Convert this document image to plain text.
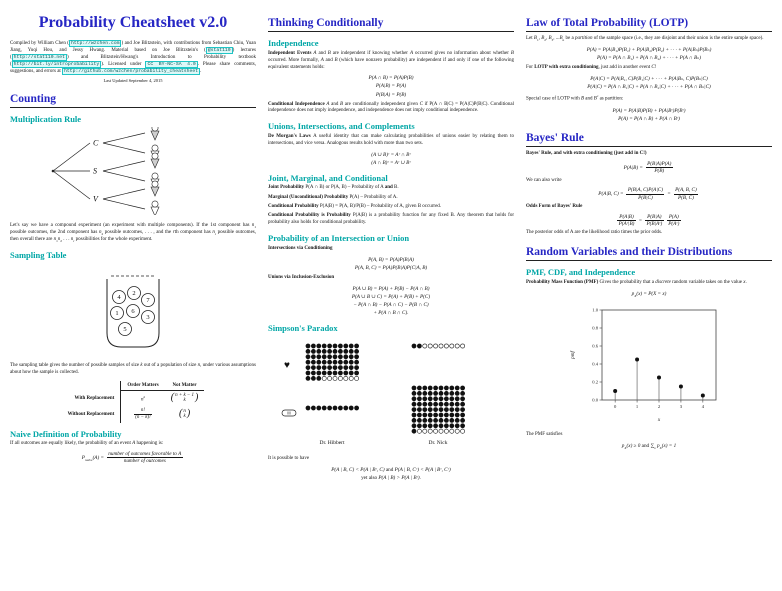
Probability Cheatsheet v2.0
Compiled by William Chen ( http://wzchen.com ) and Joe Blitzstein, with contributions from Sebastian Chiu, Yuan Jiang, Yuqi Hou, and Jessy Hwang. Material based on Joe Blitzstein's ( @stat110 ) lectures ( http://stat110.net ) and Blitzstein/Hwang's Introduction to Probability textbook ( http://bit.ly/introprobability ). Licensed under CC BY-NC-SA 4.0 . Please share comments, suggestions, and errors at http://github.com/wzchen/probability_cheatsheet .
Last Updated September 4, 2015
Counting
Multiplication Rule
C
S
V
Let's say we have a compound experiment (an experiment with multiple components). If the 1st component has $n_1$ possible outcomes, the 2nd component has $n_2$ possible outcomes, . . . , and the rth component has $n_r$ possible outcomes, then overall there are $n_1n_2$ . . . $n_r$ possibilities for the whole experiment.
Sampling Table
4
2
7
1 6
3
5
The sampling table gives the number of possible samples of size k out of a population of size n, under various assumptions about how the sample is collected.
	Order Matters	Not Matter
With Replacement	$n^k$	( n + k − 1
k )

Without Replacement	$\frac{n!}{(n - k)!}$	( n
k )
Naive Definition of Probability
If all outcomes are equally likely, the probability of an event A happening is:
$P_{naive}(A) = \frac{\text{number of outcomes favorable to A}}{\text{number of outcomes}}$
Thinking Conditionally
Independence
Independent Events A and B are independent if knowing whether A occurred gives no information about whether B occurred. More formally, A and B (which have nonzero probability) are independent if and only if one of the following equivalent statements holds:
P(A ∩ B) = P(A)P(B)
P(A|B) = P(A)
P(B|A) = P(B)
Conditional Independence A and B are conditionally independent given C if P(A ∩ B|C) = P(A|C)P(B|C). Conditional independence does not imply independence, and independence does not imply conditional independence.
Unions, Intersections, and Complements
De Morgan's Laws A useful identity that can make calculating probabilities of unions easier by relating them to intersections, and vice versa. Analogous results hold with more than two sets.
(A ∪ B)ᶜ = Aᶜ ∩ Bᶜ
(A ∩ B)ᶜ = Aᶜ ∪ Bᶜ
Joint, Marginal, and Conditional
Joint Probability P(A ∩ B) or P(A, B) – Probability of A and B.
Marginal (Unconditional) Probability P(A) – Probability of A.
Conditional Probability P(A|B) = P(A, B)/P(B) – Probability of A, given B occurred.
Conditional Probability is Probability P(A|B) is a probability function for any fixed B. Any theorem that holds for probability also holds for conditional probability.
Probability of an Intersection or Union
Intersections via Conditioning
P(A, B) = P(A)P(B|A)
P(A, B, C) = P(A)P(B|A)P(C|A, B)
Unions via Inclusion-Exclusion
P(A ∪ B) = P(A) + P(B) − P(A ∩ B)
P(A ∪ B ∪ C) = P(A) + P(B) + P(C)
− P(A ∩ B) − P(A ∩ C) − P(B ∩ C)
+ P(A ∩ B ∩ C).
Simpson's Paradox
♥
Dr. Hibbert	Dr. Nick
It is possible to have
P(A | B, C) < P(A | Bᶜ, C) and P(A | B, Cᶜ) < P(A | Bᶜ, Cᶜ)
yet also P(A | B) > P(A | Bᶜ).
Law of Total Probability (LOTP)
Let $B_1$, $B_2$, $B_3$, $...B_n$ be a partition of the sample space (i.e., they are disjoint and their union is the entire sample space).
P(A) = P(A|B₁)P(B₁) + P(A|B₂)P(B₂) + · · · + P(A|Bₙ)P(Bₙ)
P(A) = P(A ∩ B₁) + P(A ∩ B₂) + · · · + P(A ∩ Bₙ)
For LOTP with extra conditioning, just add in another event C!
P(A|C) = P(A|B₁, C)P(B₁|C) + · · · + P(A|Bₙ, C)P(Bₙ|C)
P(A|C) = P(A ∩ B₁|C) + P(A ∩ B₂|C) + · · · + P(A ∩ Bₙ|C)
Special case of LOTP with B and $B^c$ as partition:
P(A) = P(A|B)P(B) + P(A|Bᶜ)P(Bᶜ)
P(A) = P(A ∩ B) + P(A ∩ Bᶜ)
Bayes' Rule
Bayes' Rule, and with extra conditioning (just add in C!)
$P(A|B) = \frac{P(B|A)P(A)}{P(B)}$
We can also write
P(A|B, $C) = \frac{P(B|A, C)P(A|C)}{P(B|C)} = \frac{P(A, B, C)}{P(B, C)}$
Odds Form of Bayes' Rule
$\frac{P(A|B)}{\text{P(Aᶜ|B)}} = \frac{P(B|A)}{\text{P(B|Aᶜ)}} \frac{P(A)}{\text{P(Aᶜ)}}$
The posterior odds of A are the likelihood ratio times the prior odds.
Random Variables and their Distributions
PMF, CDF, and Independence
Probability Mass Function (PMF) Gives the probability that a discrete random variable takes on the value x.
$p_X(x) = P(X = x)$
0.0
0.2
0.4
0.6
0.8
1.0
0	1	2	3	4
x
pmf
The PMF satisfies
$p_X(x) \ge 0$ and $\sum_x$ $p_X(x) = 1$
